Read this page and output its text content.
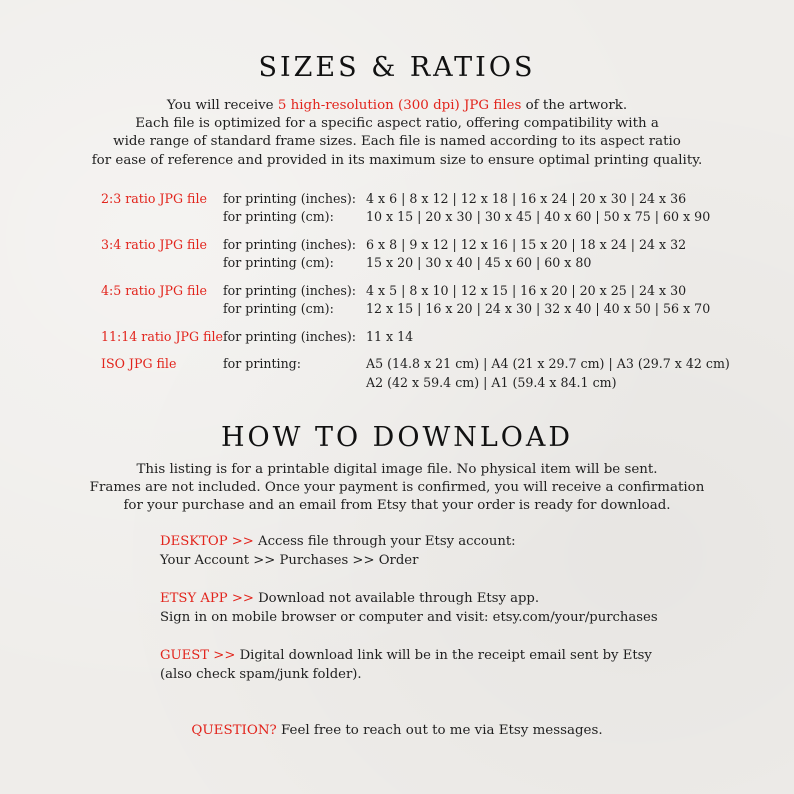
SIZES & RATIOS
You will receive 5 high-resolution (300 dpi) JPG files of the artwork.
Each file is optimized for a specific aspect ratio, offering compatibility with a
wide range of standard frame sizes. Each file is named according to its aspect ratio
for ease of reference and provided in its maximum size to ensure optimal printing quality.
2:3 ratio JPG file	for printing (inches): 4 x 6 | 8 x 12 | 12 x 18 | 16 x 24 | 20 x 30 | 24 x 36
for printing (cm):	10 x 15 | 20 x 30 | 30 x 45 | 40 x 60 | 50 x 75 | 60 x 90
3:4 ratio JPG file	for printing (inches): 6 x 8 | 9 x 12 | 12 x 16 | 15 x 20 | 18 x 24 | 24 x 32
for printing (cm):	15 x 20 | 30 x 40 | 45 x 60 | 60 x 80
4:5 ratio JPG file	for printing (inches): 4 x 5 | 8 x 10 | 12 x 15 | 16 x 20 | 20 x 25 | 24 x 30
for printing (cm):	12 x 15 | 16 x 20 | 24 x 30 | 32 x 40 | 40 x 50 | 56 x 70
11:14 ratio JPG file for printing (inches): 11 x 14
ISO JPG file	for printing:	A5 (14.8 x 21 cm) | A4 (21 x 29.7 cm) | A3 (29.7 x 42 cm)
A2 (42 x 59.4 cm) | A1 (59.4 x 84.1 cm)
HOW TO DOWNLOAD
This listing is for a printable digital image file. No physical item will be sent.
Frames are not included. Once your payment is confirmed, you will receive a confirmation
for your purchase and an email from Etsy that your order is ready for download.
DESKTOP >> Access file through your Etsy account:
Your Account >> Purchases >> Order
ETSY APP >> Download not available through Etsy app.
Sign in on mobile browser or computer and visit: etsy.com/your/purchases
GUEST >> Digital download link will be in the receipt email sent by Etsy
(also check spam/junk folder).
QUESTION? Feel free to reach out to me via Etsy messages.
